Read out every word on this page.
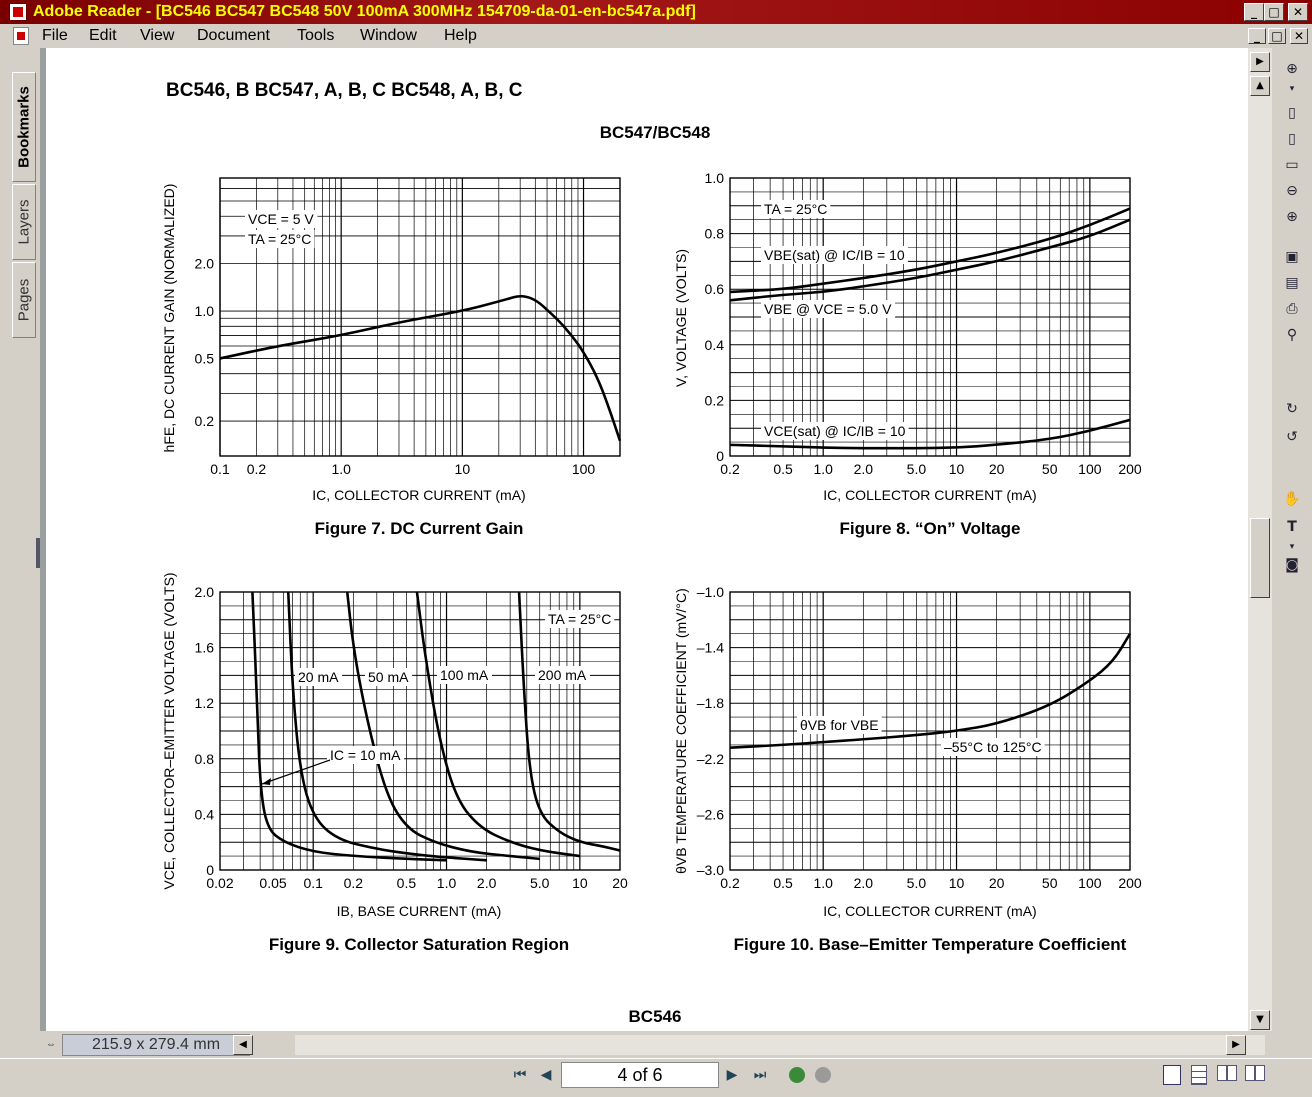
Adobe Reader - [BC546 BC547 BC548 50V 100mA 300MHz 154709-da-01-en-bc547a.pdf]	_ □	✕
File Edit View Document Tools Window Help	_ □ ✕
Bookmarks
Layers
Pages
BC546, B BC547, A, B, C BC548, A, B, C
BC547/BC548
BC546
0.1 0.2	1.0	10	100
2.0
1.0
0.5
0.2
IC, COLLECTOR CURRENT (mA)
hFE, DC CURRENT GAIN (NORMALIZED)
Figure 7. DC Current Gain
0.2 0.5 1.0 2.0 5.0 10 20	50 100 200
1.0
0.8
0.6
0.4
0.2
0
IC, COLLECTOR CURRENT (mA)
V, VOLTAGE (VOLTS)
Figure 8. “On” Voltage
0.02 0.05 0.1 0.2 0.5 1.0 2.0 5.0 10 20
2.0
1.6
1.2
0.8
0.4
0
IB, BASE CURRENT (mA)
VCE, COLLECTOR–EMITTER VOLTAGE (VOLTS)
Figure 9. Collector Saturation Region
0.2 0.5 1.0 2.0 5.0 10 20	50 100 200
–1.0
–1.4
–1.8
–2.2
–2.6
–3.0
IC, COLLECTOR CURRENT (mA)
θVB TEMPERATURE COEFFICIENT (mV/°C)
Figure 10. Base–Emitter Temperature Coefficient
VCE = 5 V
TA = 25°C
TA = 25°C
VBE(sat) @ IC/IB = 10
VBE @ VCE = 5.0 V
VCE(sat) @ IC/IB = 10
TA = 25°C
20 mA 50 mA 100 mA	200 mA
IC = 10 mA
θVB for VBE
–55°C to 125°C
▶
▲
▼
⊕
▾
▯
▯
▭
⊖
⊕
▣
▤
⎙
⚲
↻
↺
✋
T
▾
◙
⇔	215.9 x 279.4 mm	◀	▶
⏮	◀	4 of 6	▶	⏭
